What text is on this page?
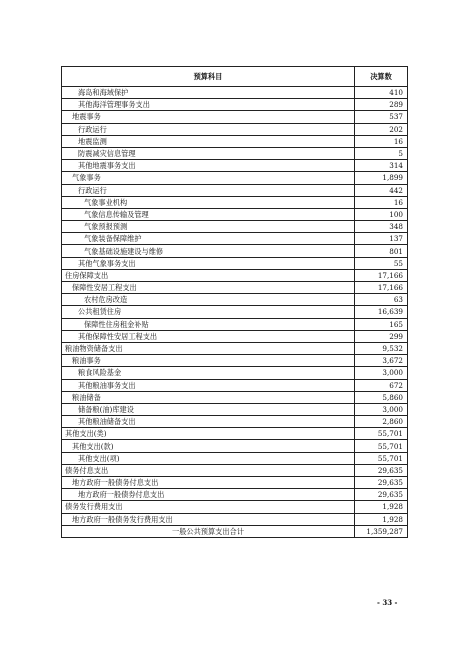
预算科目	决算数
海岛和海域保护	410
其他海洋管理事务支出	289
地震事务	537
行政运行	202
地震监测	16
防震减灾信息管理	5
其他地震事务支出	314
气象事务	1,899
行政运行	442
气象事业机构	16
气象信息传输及管理	100
气象预报预测	348
气象装备保障维护	137
气象基础设施建设与维修	801
其他气象事务支出	55
住房保障支出	17,166
保障性安居工程支出	17,166
农村危房改造	63
公共租赁住房	16,639
保障性住房租金补贴	165
其他保障性安居工程支出	299
粮油物资储备支出	9,532
粮油事务	3,672
粮食风险基金	3,000
其他粮油事务支出	672
粮油储备	5,860
储备粮(油)库建设	3,000
其他粮油储备支出	2,860
其他支出(类)	55,701
其他支出(款)	55,701
其他支出(项)	55,701
债务付息支出	29,635
地方政府一般债务付息支出	29,635
地方政府一般债券付息支出	29,635
债务发行费用支出	1,928
地方政府一般债务发行费用支出	1,928
一般公共预算支出合计	1,359,287
- 33 -
